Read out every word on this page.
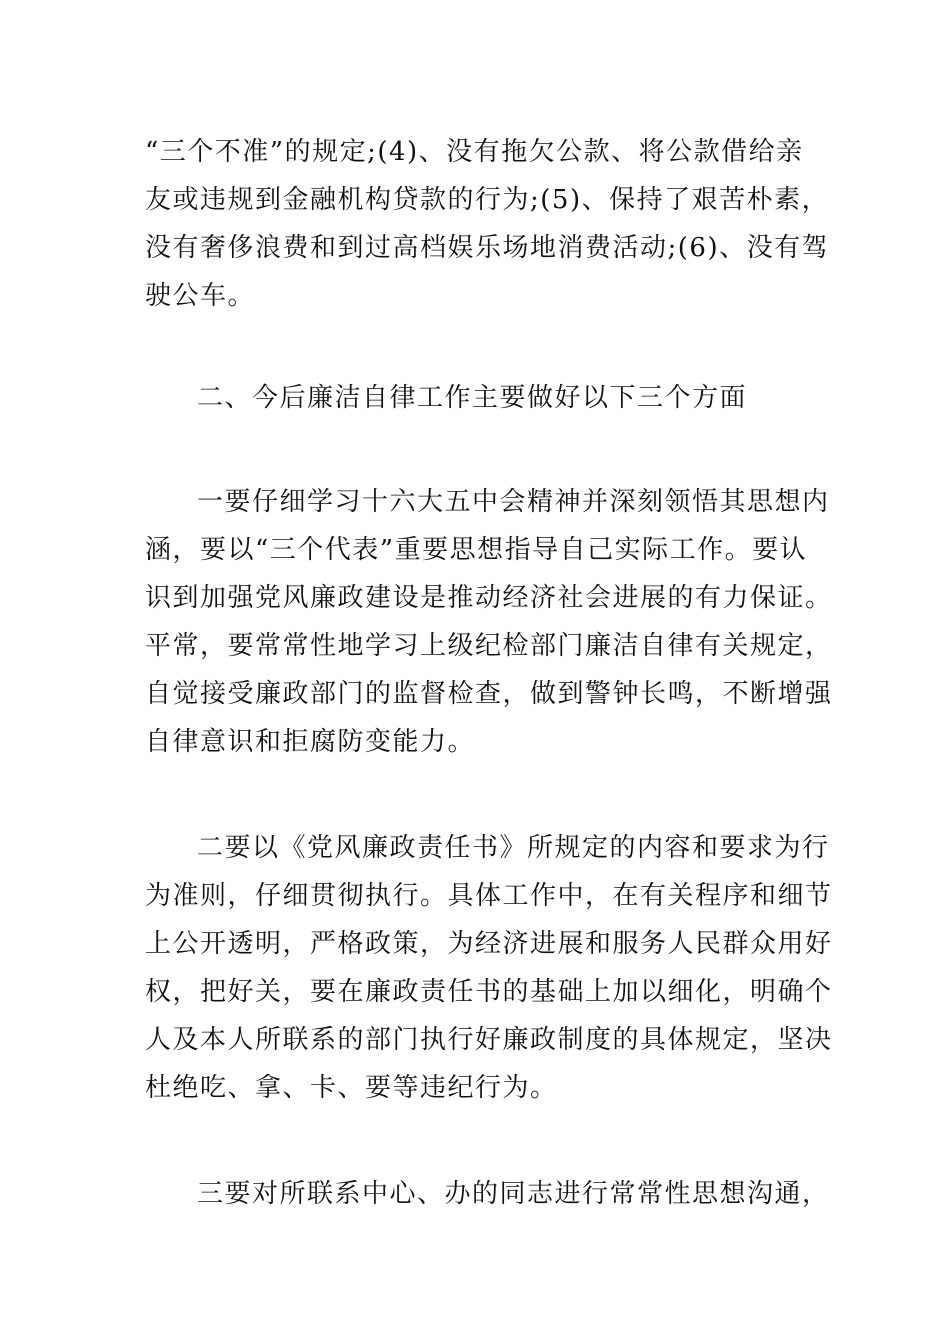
“三个不准”的规定;(4)、没有拖欠公款、将公款借给亲
友或违规到金融机构贷款的行为;(5)、保持了艰苦朴素，
没有奢侈浪费和到过高档娱乐场地消费活动;(6)、没有驾
驶公车。
二、今后廉洁自律工作主要做好以下三个方面
一要仔细学习十六大五中会精神并深刻领悟其思想内
涵，要以“三个代表”重要思想指导自己实际工作。要认
识到加强党风廉政建设是推动经济社会进展的有力保证。
平常，要常常性地学习上级纪检部门廉洁自律有关规定，
自觉接受廉政部门的监督检查，做到警钟长鸣，不断增强
自律意识和拒腐防变能力。
二要以《党风廉政责任书》所规定的内容和要求为行
为准则，仔细贯彻执行。具体工作中，在有关程序和细节
上公开透明，严格政策，为经济进展和服务人民群众用好
权，把好关，要在廉政责任书的基础上加以细化，明确个
人及本人所联系的部门执行好廉政制度的具体规定，坚决
杜绝吃、拿、卡、要等违纪行为。
三要对所联系中心、办的同志进行常常性思想沟通，
